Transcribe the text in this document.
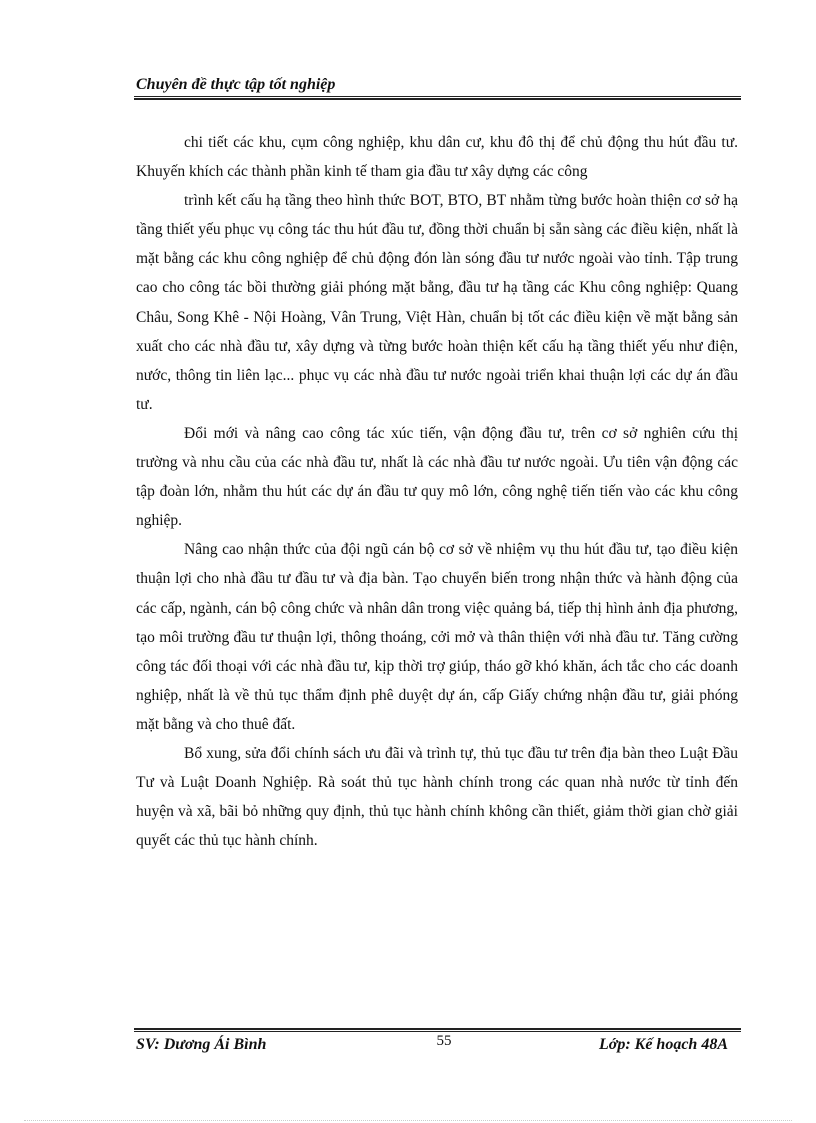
Chuyên đề thực tập tốt nghiệp

chi tiết các khu, cụm công nghiệp, khu dân cư, khu đô thị để chủ động thu hút đầu tư. Khuyến khích các thành phần kinh tế tham gia đầu tư xây dựng các công

trình kết cấu hạ tầng theo hình thức BOT, BTO, BT nhằm từng bước hoàn thiện cơ sở hạ tầng thiết yếu phục vụ công tác thu hút đầu tư, đồng thời chuẩn bị sẵn sàng các điều kiện, nhất là mặt bằng các khu công nghiệp để chủ động đón làn sóng đầu tư nước ngoài vào tỉnh. Tập trung cao cho công tác bồi thường giải phóng mặt bằng, đầu tư hạ tầng các Khu công nghiệp: Quang Châu, Song Khê - Nội Hoàng, Vân Trung, Việt Hàn, chuẩn bị tốt các điều kiện về mặt bằng sản xuất cho các nhà đầu tư, xây dựng và từng bước hoàn thiện kết cấu hạ tầng thiết yếu như điện, nước, thông tin liên lạc... phục vụ các nhà đầu tư nước ngoài triển khai thuận lợi các dự án đầu tư.

Đổi mới và nâng cao công tác xúc tiến, vận động đầu tư, trên cơ sở nghiên cứu thị trường và nhu cầu của các nhà đầu tư, nhất là các nhà đầu tư nước ngoài. Ưu tiên vận động các tập đoàn lớn, nhằm thu hút các dự án đầu tư quy mô lớn, công nghệ tiến tiến vào các khu công nghiệp.

Nâng cao nhận thức của đội ngũ cán bộ cơ sở về nhiệm vụ thu hút đầu tư, tạo điều kiện thuận lợi cho nhà đầu tư đầu tư và địa bàn. Tạo chuyển biến trong nhận thức và hành động của các cấp, ngành, cán bộ công chức và nhân dân trong việc quảng bá, tiếp thị hình ảnh địa phương, tạo môi trường đầu tư thuận lợi, thông thoáng, cởi mở và thân thiện với nhà đầu tư. Tăng cường công tác đối thoại với các nhà đầu tư, kịp thời trợ giúp, tháo gỡ khó khăn, ách tắc cho các doanh nghiệp, nhất là về thủ tục thẩm định phê duyệt dự án, cấp Giấy chứng nhận đầu tư, giải phóng mặt bằng và cho thuê đất.

Bổ xung, sửa đổi chính sách ưu đãi và trình tự, thủ tục đầu tư trên địa bàn theo Luật Đầu Tư và Luật Doanh Nghiệp. Rà soát thủ tục hành chính trong các quan nhà nước từ tỉnh đến huyện và xã, bãi bỏ những quy định, thủ tục hành chính không cần thiết, giảm thời gian chờ giải quyết các thủ tục hành chính.

SV: Dương Ái Bình	55	Lớp: Kế hoạch 48A
